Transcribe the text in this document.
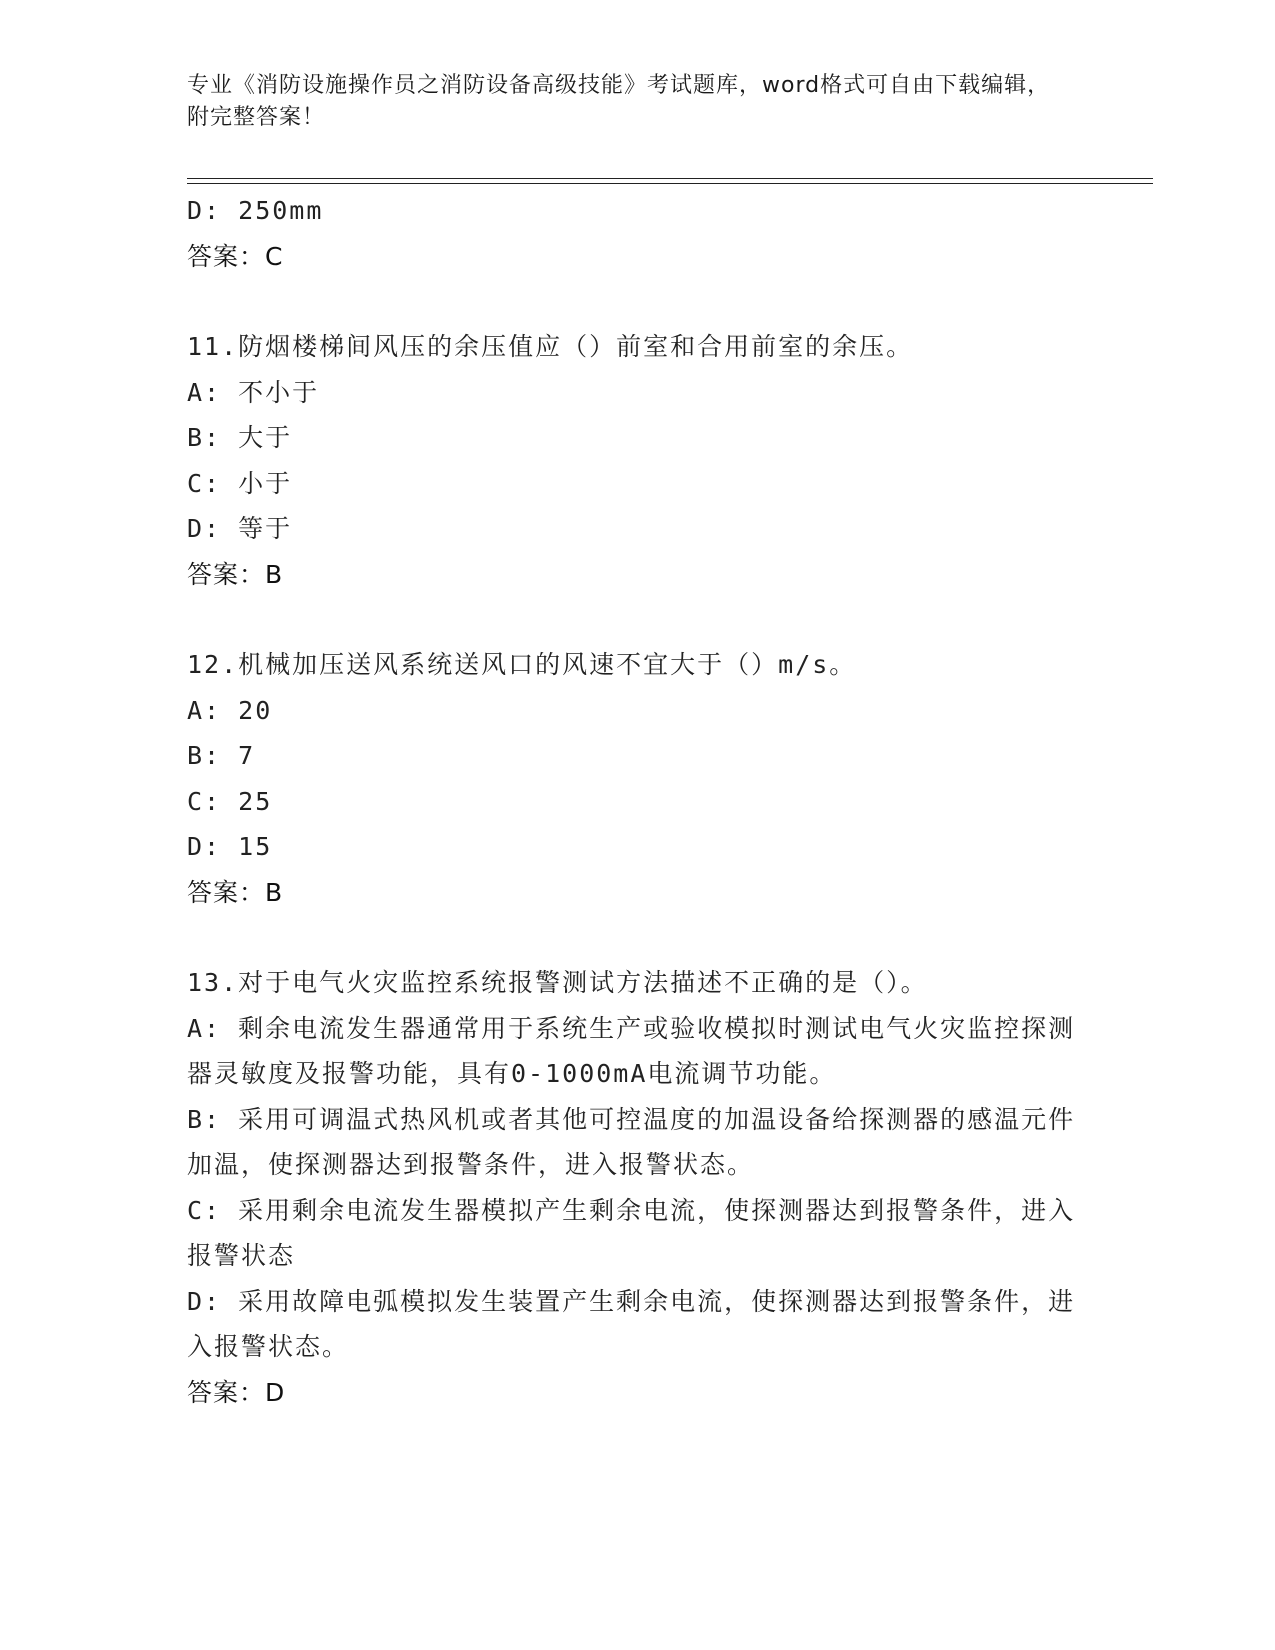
专业《消防设施操作员之消防设备高级技能》考试题库，word格式可自由下载编辑，附完整答案！
D: 250mm
答案：C
11.防烟楼梯间风压的余压值应（）前室和合用前室的余压。
A: 不小于
B: 大于
C: 小于
D: 等于
答案：B
12.机械加压送风系统送风口的风速不宜大于（）m/s。
A: 20
B: 7
C: 25
D: 15
答案：B
13.对于电气火灾监控系统报警测试方法描述不正确的是（）。
A: 剩余电流发生器通常用于系统生产或验收模拟时测试电气火灾监控探测器灵敏度及报警功能，具有0-1000mA电流调节功能。
B: 采用可调温式热风机或者其他可控温度的加温设备给探测器的感温元件加温，使探测器达到报警条件，进入报警状态。
C: 采用剩余电流发生器模拟产生剩余电流，使探测器达到报警条件，进入报警状态
D: 采用故障电弧模拟发生装置产生剩余电流，使探测器达到报警条件，进入报警状态。
答案：D
